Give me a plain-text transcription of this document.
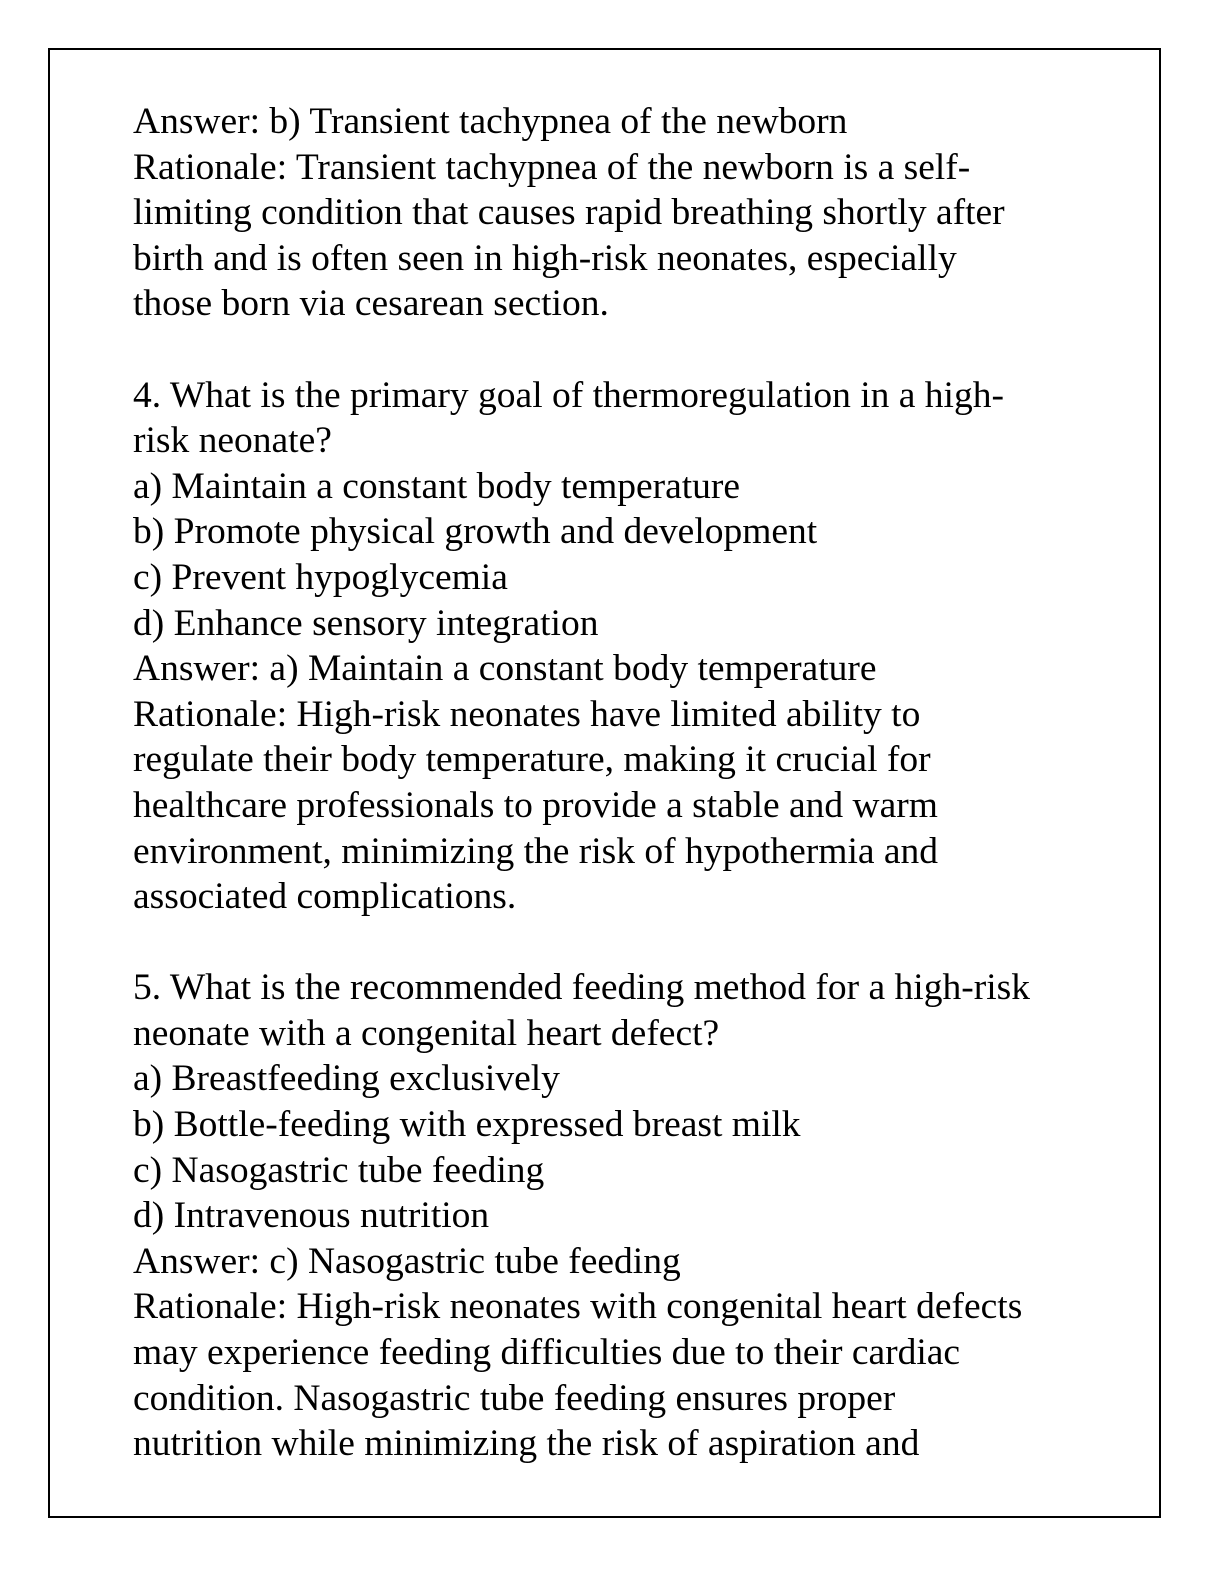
Answer: b) Transient tachypnea of the newborn
Rationale: Transient tachypnea of the newborn is a self-
limiting condition that causes rapid breathing shortly after
birth and is often seen in high-risk neonates, especially
those born via cesarean section.
4. What is the primary goal of thermoregulation in a high-
risk neonate?
a) Maintain a constant body temperature
b) Promote physical growth and development
c) Prevent hypoglycemia
d) Enhance sensory integration
Answer: a) Maintain a constant body temperature
Rationale: High-risk neonates have limited ability to
regulate their body temperature, making it crucial for
healthcare professionals to provide a stable and warm
environment, minimizing the risk of hypothermia and
associated complications.
5. What is the recommended feeding method for a high-risk
neonate with a congenital heart defect?
a) Breastfeeding exclusively
b) Bottle-feeding with expressed breast milk
c) Nasogastric tube feeding
d) Intravenous nutrition
Answer: c) Nasogastric tube feeding
Rationale: High-risk neonates with congenital heart defects
may experience feeding difficulties due to their cardiac
condition. Nasogastric tube feeding ensures proper
nutrition while minimizing the risk of aspiration and
